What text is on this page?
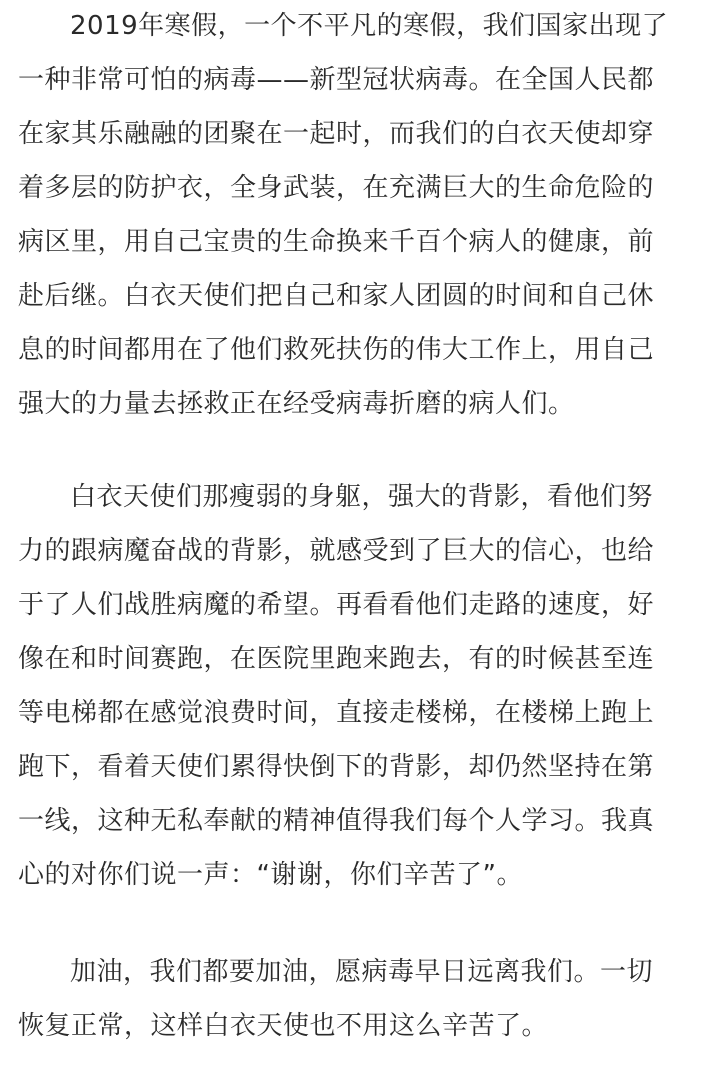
2019年寒假，一个不平凡的寒假，我们国家出现了
一种非常可怕的病毒——新型冠状病毒。在全国人民都
在家其乐融融的团聚在一起时，而我们的白衣天使却穿
着多层的防护衣，全身武装，在充满巨大的生命危险的
病区里，用自己宝贵的生命换来千百个病人的健康，前
赴后继。白衣天使们把自己和家人团圆的时间和自己休
息的时间都用在了他们救死扶伤的伟大工作上，用自己
强大的力量去拯救正在经受病毒折磨的病人们。
白衣天使们那瘦弱的身躯，强大的背影，看他们努
力的跟病魔奋战的背影，就感受到了巨大的信心，也给
于了人们战胜病魔的希望。再看看他们走路的速度，好
像在和时间赛跑，在医院里跑来跑去，有的时候甚至连
等电梯都在感觉浪费时间，直接走楼梯，在楼梯上跑上
跑下，看着天使们累得快倒下的背影，却仍然坚持在第
一线，这种无私奉献的精神值得我们每个人学习。我真
心的对你们说一声：“谢谢，你们辛苦了”。
加油，我们都要加油，愿病毒早日远离我们。一切
恢复正常，这样白衣天使也不用这么辛苦了。
